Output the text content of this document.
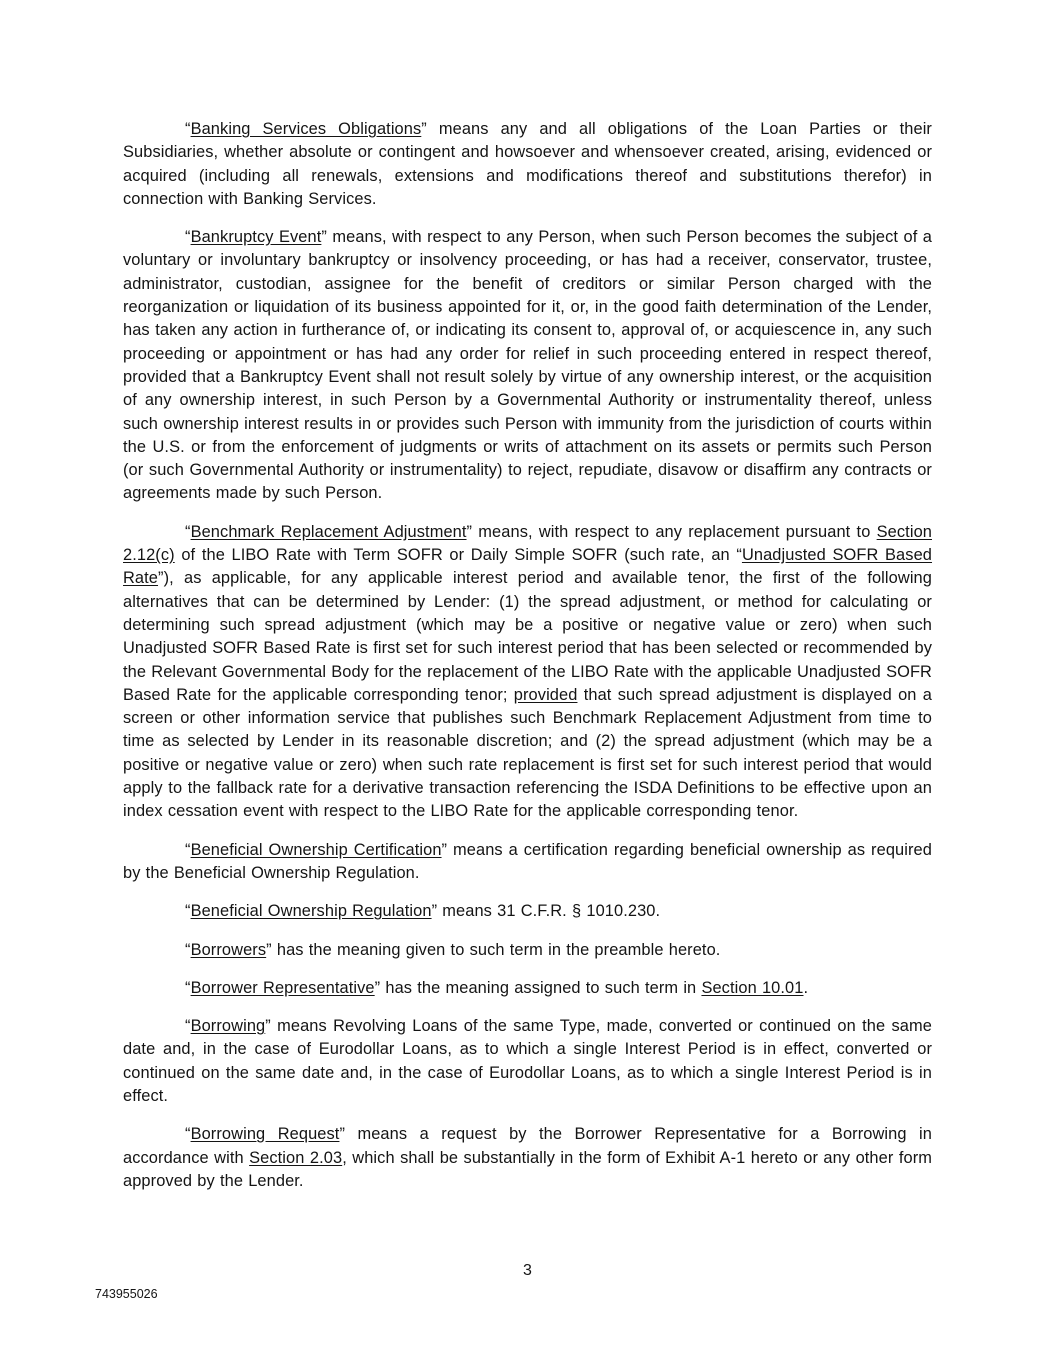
“Banking Services Obligations” means any and all obligations of the Loan Parties or their Subsidiaries, whether absolute or contingent and howsoever and whensoever created, arising, evidenced or acquired (including all renewals, extensions and modifications thereof and substitutions therefor) in connection with Banking Services.

“Bankruptcy Event” means, with respect to any Person, when such Person becomes the subject of a voluntary or involuntary bankruptcy or insolvency proceeding, or has had a receiver, conservator, trustee, administrator, custodian, assignee for the benefit of creditors or similar Person charged with the reorganization or liquidation of its business appointed for it, or, in the good faith determination of the Lender, has taken any action in furtherance of, or indicating its consent to, approval of, or acquiescence in, any such proceeding or appointment or has had any order for relief in such proceeding entered in respect thereof, provided that a Bankruptcy Event shall not result solely by virtue of any ownership interest, or the acquisition of any ownership interest, in such Person by a Governmental Authority or instrumentality thereof, unless such ownership interest results in or provides such Person with immunity from the jurisdiction of courts within the U.S. or from the enforcement of judgments or writs of attachment on its assets or permits such Person (or such Governmental Authority or instrumentality) to reject, repudiate, disavow or disaffirm any contracts or agreements made by such Person.

“Benchmark Replacement Adjustment” means, with respect to any replacement pursuant to Section 2.12(c) of the LIBO Rate with Term SOFR or Daily Simple SOFR (such rate, an “Unadjusted SOFR Based Rate”), as applicable, for any applicable interest period and available tenor, the first of the following alternatives that can be determined by Lender: (1) the spread adjustment, or method for calculating or determining such spread adjustment (which may be a positive or negative value or zero) when such Unadjusted SOFR Based Rate is first set for such interest period that has been selected or recommended by the Relevant Governmental Body for the replacement of the LIBO Rate with the applicable Unadjusted SOFR Based Rate for the applicable corresponding tenor; provided that such spread adjustment is displayed on a screen or other information service that publishes such Benchmark Replacement Adjustment from time to time as selected by Lender in its reasonable discretion; and (2) the spread adjustment (which may be a positive or negative value or zero) when such rate replacement is first set for such interest period that would apply to the fallback rate for a derivative transaction referencing the ISDA Definitions to be effective upon an index cessation event with respect to the LIBO Rate for the applicable corresponding tenor.

“Beneficial Ownership Certification” means a certification regarding beneficial ownership as required by the Beneficial Ownership Regulation.

“Beneficial Ownership Regulation” means 31 C.F.R. § 1010.230.

“Borrowers” has the meaning given to such term in the preamble hereto.

“Borrower Representative” has the meaning assigned to such term in Section 10.01.

“Borrowing” means Revolving Loans of the same Type, made, converted or continued on the same date and, in the case of Eurodollar Loans, as to which a single Interest Period is in effect, converted or continued on the same date and, in the case of Eurodollar Loans, as to which a single Interest Period is in effect.

“Borrowing Request” means a request by the Borrower Representative for a Borrowing in accordance with Section 2.03, which shall be substantially in the form of Exhibit A-1 hereto or any other form approved by the Lender.

3
743955026
